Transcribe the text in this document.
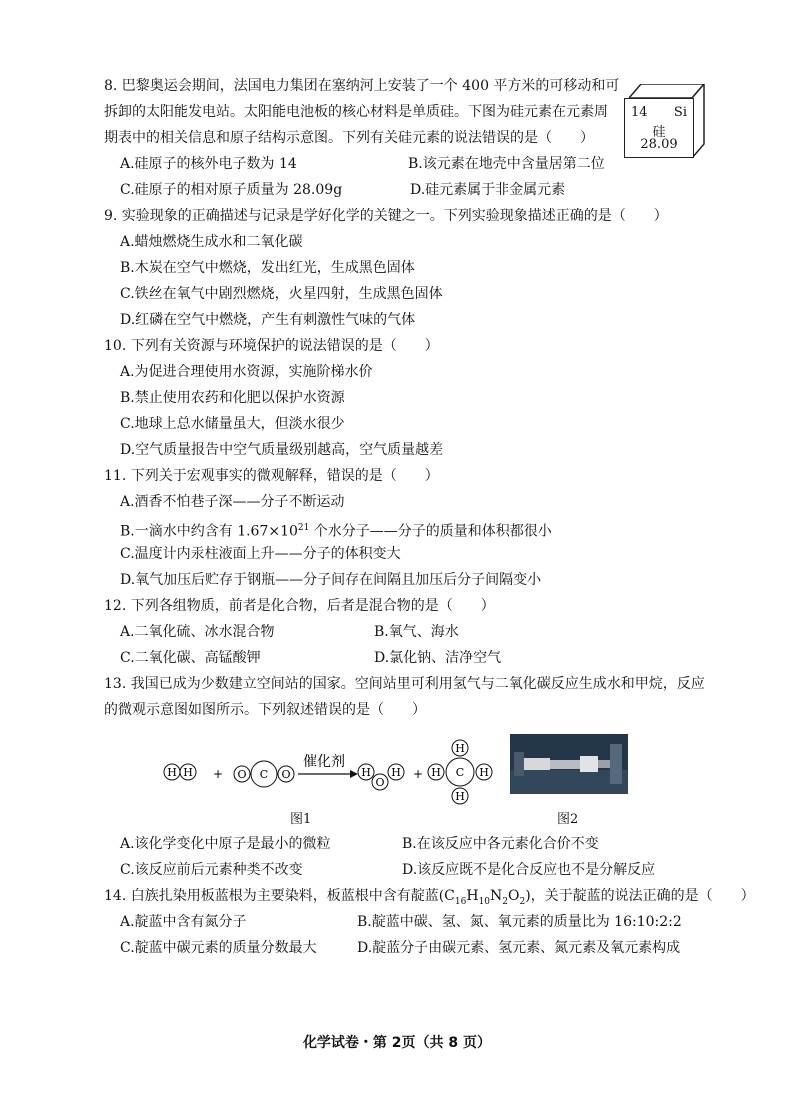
8. 巴黎奥运会期间，法国电力集团在塞纳河上安装了一个 400 平方米的可移动和可
拆卸的太阳能发电站。太阳能电池板的核心材料是单质硅。下图为硅元素在元素周
期表中的相关信息和原子结构示意图。下列有关硅元素的说法错误的是（　　）
A.硅原子的核外电子数为 14	B.该元素在地壳中含量居第二位
C.硅原子的相对原子质量为 28.09g	D.硅元素属于非金属元素
14 Si
硅
28.09
9. 实验现象的正确描述与记录是学好化学的关键之一。下列实验现象描述正确的是（　　）
A.蜡烛燃烧生成水和二氧化碳
B.木炭在空气中燃烧，发出红光，生成黑色固体
C.铁丝在氧气中剧烈燃烧，火星四射，生成黑色固体
D.红磷在空气中燃烧，产生有刺激性气味的气体
10. 下列有关资源与环境保护的说法错误的是（　　）
A.为促进合理使用水资源，实施阶梯水价
B.禁止使用农药和化肥以保护水资源
C.地球上总水储量虽大，但淡水很少
D.空气质量报告中空气质量级别越高，空气质量越差
11. 下列关于宏观事实的微观解释，错误的是（　　）
A.酒香不怕巷子深——分子不断运动
B.一滴水中约含有 $1.67\times 10^{21}$ 个水分子——分子的质量和体积都很小
C.温度计内汞柱液面上升——分子的体积变大
D.氧气加压后贮存于钢瓶——分子间存在间隔且加压后分子间隔变小
12. 下列各组物质，前者是化合物，后者是混合物的是（　　）
A.二氧化硫、冰水混合物	B.氧气、海水
C.二氧化碳、高锰酸钾	D.氯化钠、洁净空气
13. 我国已成为少数建立空间站的国家。空间站里可利用氢气与二氧化碳反应生成水和甲烷，反应
的微观示意图如图所示。下列叙述错误的是（　　）
H H + O C O
催化剂
H
O
H +
H
H C H
H
图1	图2
A.该化学变化中原子是最小的微粒	B.在该反应中各元素化合价不变
C.该反应前后元素种类不改变	D.该反应既不是化合反应也不是分解反应
14. 白族扎染用板蓝根为主要染料，板蓝根中含有靛蓝$(C_{16}H_{10}N_2O_2)$，关于靛蓝的说法正确的是（　　）
A.靛蓝中含有氮分子	B.靛蓝中碳、氢、氮、氧元素的质量比为 16:10:2:2
C.靛蓝中碳元素的质量分数最大	D.靛蓝分子由碳元素、氢元素、氮元素及氧元素构成
化学试卷・第 2页（共 8 页）
